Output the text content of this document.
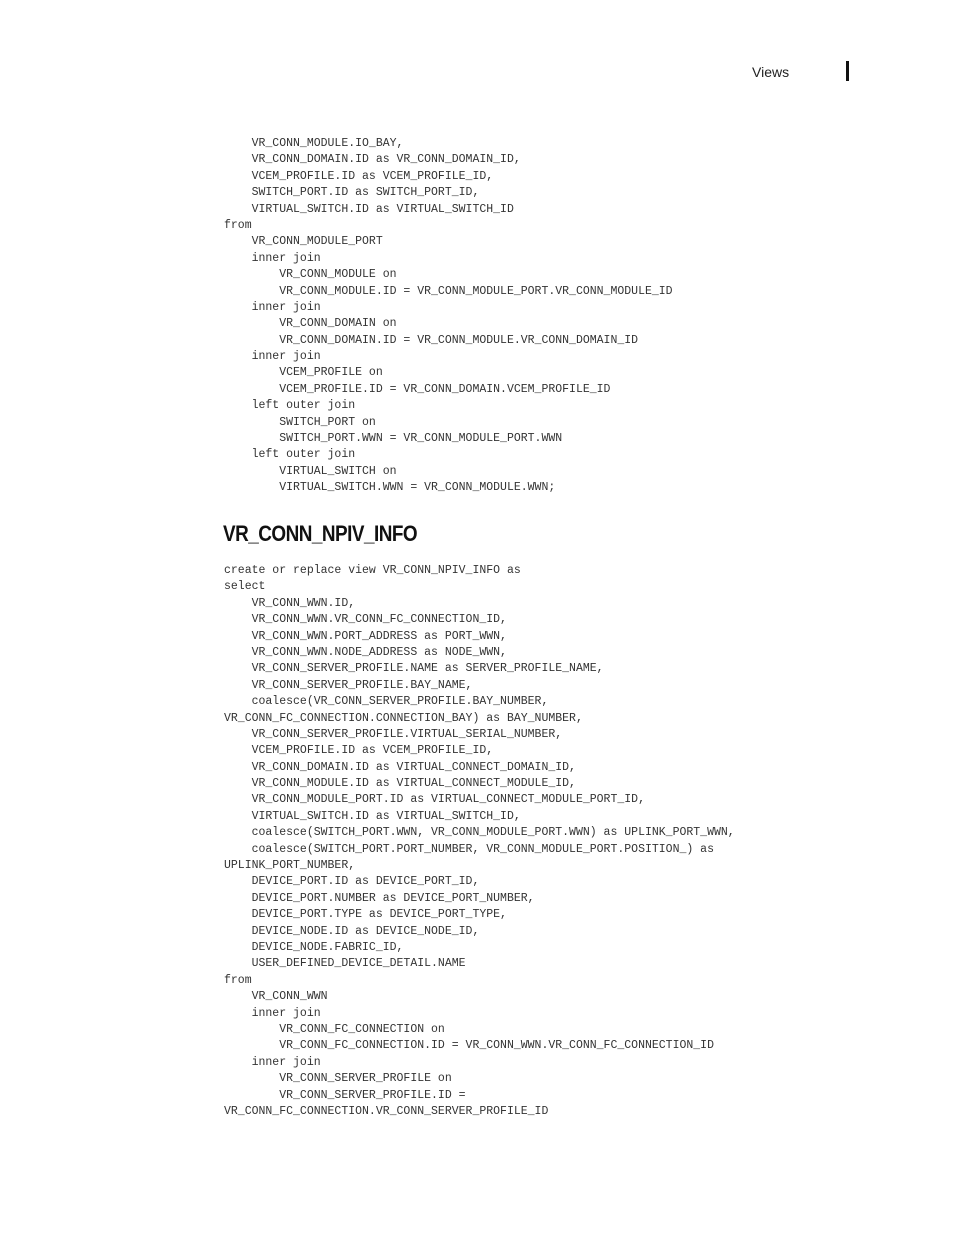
Views
VR_CONN_MODULE.IO_BAY,
VR_CONN_DOMAIN.ID as VR_CONN_DOMAIN_ID,
VCEM_PROFILE.ID as VCEM_PROFILE_ID,
SWITCH_PORT.ID as SWITCH_PORT_ID,
VIRTUAL_SWITCH.ID as VIRTUAL_SWITCH_ID
from
VR_CONN_MODULE_PORT
inner join
VR_CONN_MODULE on
VR_CONN_MODULE.ID = VR_CONN_MODULE_PORT.VR_CONN_MODULE_ID
inner join
VR_CONN_DOMAIN on
VR_CONN_DOMAIN.ID = VR_CONN_MODULE.VR_CONN_DOMAIN_ID
inner join
VCEM_PROFILE on
VCEM_PROFILE.ID = VR_CONN_DOMAIN.VCEM_PROFILE_ID
left outer join
SWITCH_PORT on
SWITCH_PORT.WWN = VR_CONN_MODULE_PORT.WWN
left outer join
VIRTUAL_SWITCH on
VIRTUAL_SWITCH.WWN = VR_CONN_MODULE.WWN;
VR_CONN_NPIV_INFO
create or replace view VR_CONN_NPIV_INFO as
select
VR_CONN_WWN.ID,
VR_CONN_WWN.VR_CONN_FC_CONNECTION_ID,
VR_CONN_WWN.PORT_ADDRESS as PORT_WWN,
VR_CONN_WWN.NODE_ADDRESS as NODE_WWN,
VR_CONN_SERVER_PROFILE.NAME as SERVER_PROFILE_NAME,
VR_CONN_SERVER_PROFILE.BAY_NAME,
coalesce(VR_CONN_SERVER_PROFILE.BAY_NUMBER,
VR_CONN_FC_CONNECTION.CONNECTION_BAY) as BAY_NUMBER,
VR_CONN_SERVER_PROFILE.VIRTUAL_SERIAL_NUMBER,
VCEM_PROFILE.ID as VCEM_PROFILE_ID,
VR_CONN_DOMAIN.ID as VIRTUAL_CONNECT_DOMAIN_ID,
VR_CONN_MODULE.ID as VIRTUAL_CONNECT_MODULE_ID,
VR_CONN_MODULE_PORT.ID as VIRTUAL_CONNECT_MODULE_PORT_ID,
VIRTUAL_SWITCH.ID as VIRTUAL_SWITCH_ID,
coalesce(SWITCH_PORT.WWN, VR_CONN_MODULE_PORT.WWN) as UPLINK_PORT_WWN,
coalesce(SWITCH_PORT.PORT_NUMBER, VR_CONN_MODULE_PORT.POSITION_) as
UPLINK_PORT_NUMBER,
DEVICE_PORT.ID as DEVICE_PORT_ID,
DEVICE_PORT.NUMBER as DEVICE_PORT_NUMBER,
DEVICE_PORT.TYPE as DEVICE_PORT_TYPE,
DEVICE_NODE.ID as DEVICE_NODE_ID,
DEVICE_NODE.FABRIC_ID,
USER_DEFINED_DEVICE_DETAIL.NAME
from
VR_CONN_WWN
inner join
VR_CONN_FC_CONNECTION on
VR_CONN_FC_CONNECTION.ID = VR_CONN_WWN.VR_CONN_FC_CONNECTION_ID
inner join
VR_CONN_SERVER_PROFILE on
VR_CONN_SERVER_PROFILE.ID =
VR_CONN_FC_CONNECTION.VR_CONN_SERVER_PROFILE_ID
